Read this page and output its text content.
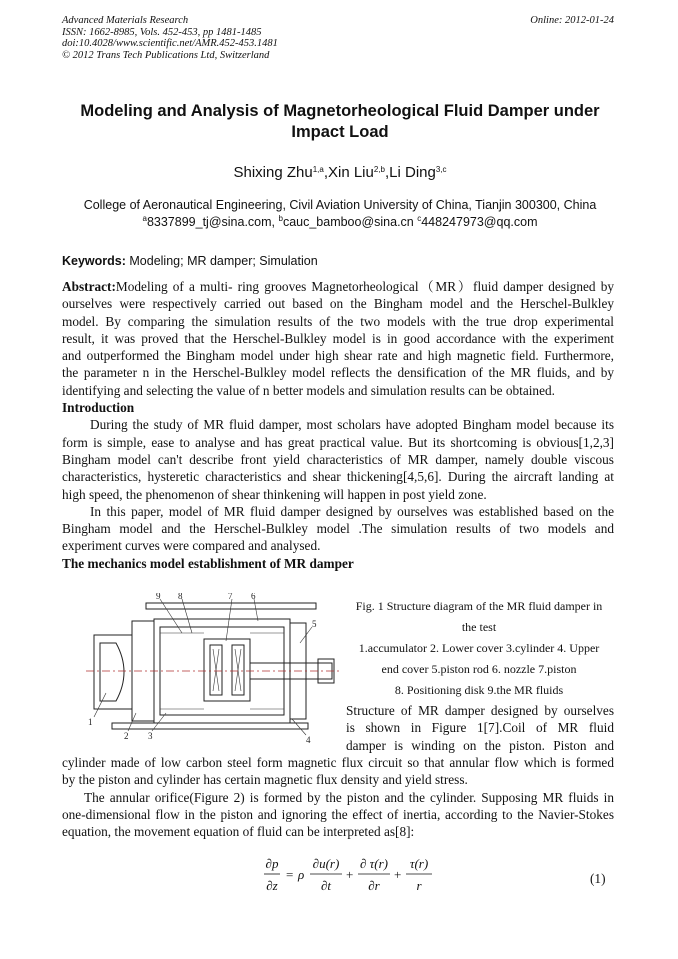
Advanced Materials Research
ISSN: 1662-8985, Vols. 452-453, pp 1481-1485
doi:10.4028/www.scientific.net/AMR.452-453.1481
© 2012 Trans Tech Publications Ltd, Switzerland
Online: 2012-01-24
Modeling and Analysis of Magnetorheological Fluid Damper under
Impact Load
Shixing Zhu$^{1,a}$,Xin Liu$^{2,b}$,Li Ding$^{3,c}$
College of Aeronautical Engineering, Civil Aviation University of China, Tianjin 300300, China
$^a$8337899_tj@sina.com, $^b$cauc_bamboo@sina.cn $^c$448247973@qq.com
Keywords: Modeling; MR damper; Simulation
Abstract:Modeling of a multi- ring grooves Magnetorheological（MR）fluid damper designed by
ourselves were respectively carried out based on the Bingham model and the Herschel-Bulkley
model. By comparing the simulation results of the two models with the true drop experimental
result, it was proved that the Herschel-Bulkley model is in good accordance with the experiment
and outperformed the Bingham model under high shear rate and high magnetic field. Furthermore,
the parameter n in the Herschel-Bulkley model reflects the densification of the MR fluids, and by
identifying and selecting the value of n better models and simulation results can be obtained.
Introduction
During the study of MR fluid damper, most scholars have adopted Bingham model because its
form is simple, ease to analyse and has great practical value. But its shortcoming is obvious[1,2,3]
Bingham model can't describe front yield characteristics of MR damper, namely double viscous
characteristics, hysteretic characteristics and shear thickening[4,5,6]. During the aircraft landing at
high speed, the phenomenon of shear thinkening will happen in post yield zone.
In this paper, model of MR fluid damper designed by ourselves was established based on the
Bingham model and the Herschel-Bulkley model .The simulation results of two models and
experiment curves were compared and analysed.
The mechanics model establishment of MR damper
9 8	7 6
5
1
2 3	4
Fig. 1 Structure diagram of the MR fluid damper in
the test
1.accumulator 2. Lower cover 3.cylinder 4. Upper
end cover 5.piston rod 6. nozzle 7.piston
8. Positioning disk 9.the MR fluids
Structure of MR damper designed by ourselves
is shown in Figure 1[7].Coil of MR fluid
damper is winding on the piston. Piston and
cylinder made of low carbon steel form magnetic flux circuit so that annular flow which is formed
by the piston and cylinder has certain magnetic flux density and yield stress.
The annular orifice(Figure 2) is formed by the piston and the cylinder. Supposing MR fluids in
one-dimensional flow in the piston and ignoring the effect of inertia, according to the Navier-Stokes
equation, the movement equation of fluid can be interpreted as[8]:
∂p
∂z
= ρ
∂u(r)
∂t
+
∂ τ(r)
∂r
+
τ(r)
r	(1)
